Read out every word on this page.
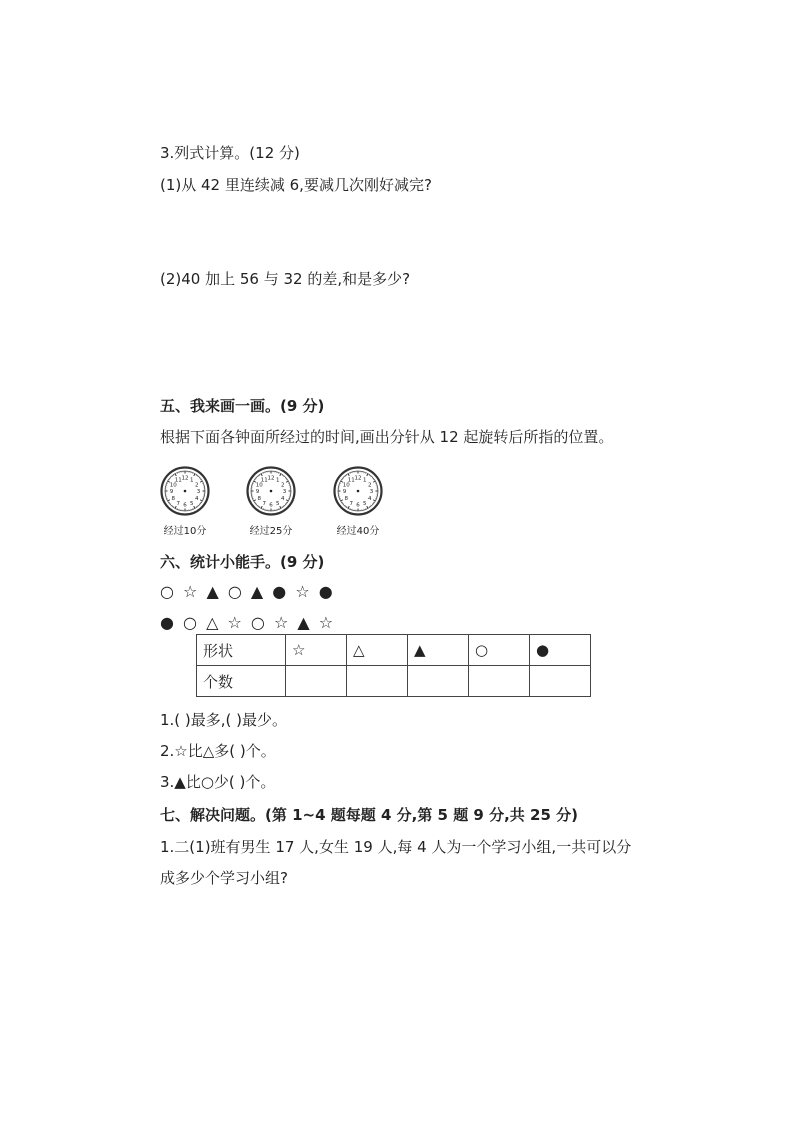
3.列式计算。(12 分)
(1)从 42 里连续减 6,要减几次刚好减完?
(2)40 加上 56 与 32 的差,和是多少?
五、我来画一画。(9 分)
根据下面各钟面所经过的时间,画出分针从 12 起旋转后所指的位置。
12 1
2
3
4
5
6
7
8
9
10
11
经过10分
12 1
2
3
4
5
6
7
8
9
10
11
经过25分
12 1
2
3
4
5
6
7
8
9
10
11
经过40分
六、统计小能手。(9 分)
○ ☆ ▲ ○ ▲ ● ☆ ●
● ○ △ ☆ ○ ☆ ▲ ☆
形状	☆	△	▲	○	●
个数					
1.( )最多,( )最少。
2.☆比△多( )个。
3.▲比○少( )个。
七、解决问题。(第 1~4 题每题 4 分,第 5 题 9 分,共 25 分)
1.二(1)班有男生 17 人,女生 19 人,每 4 人为一个学习小组,一共可以分
成多少个学习小组?
